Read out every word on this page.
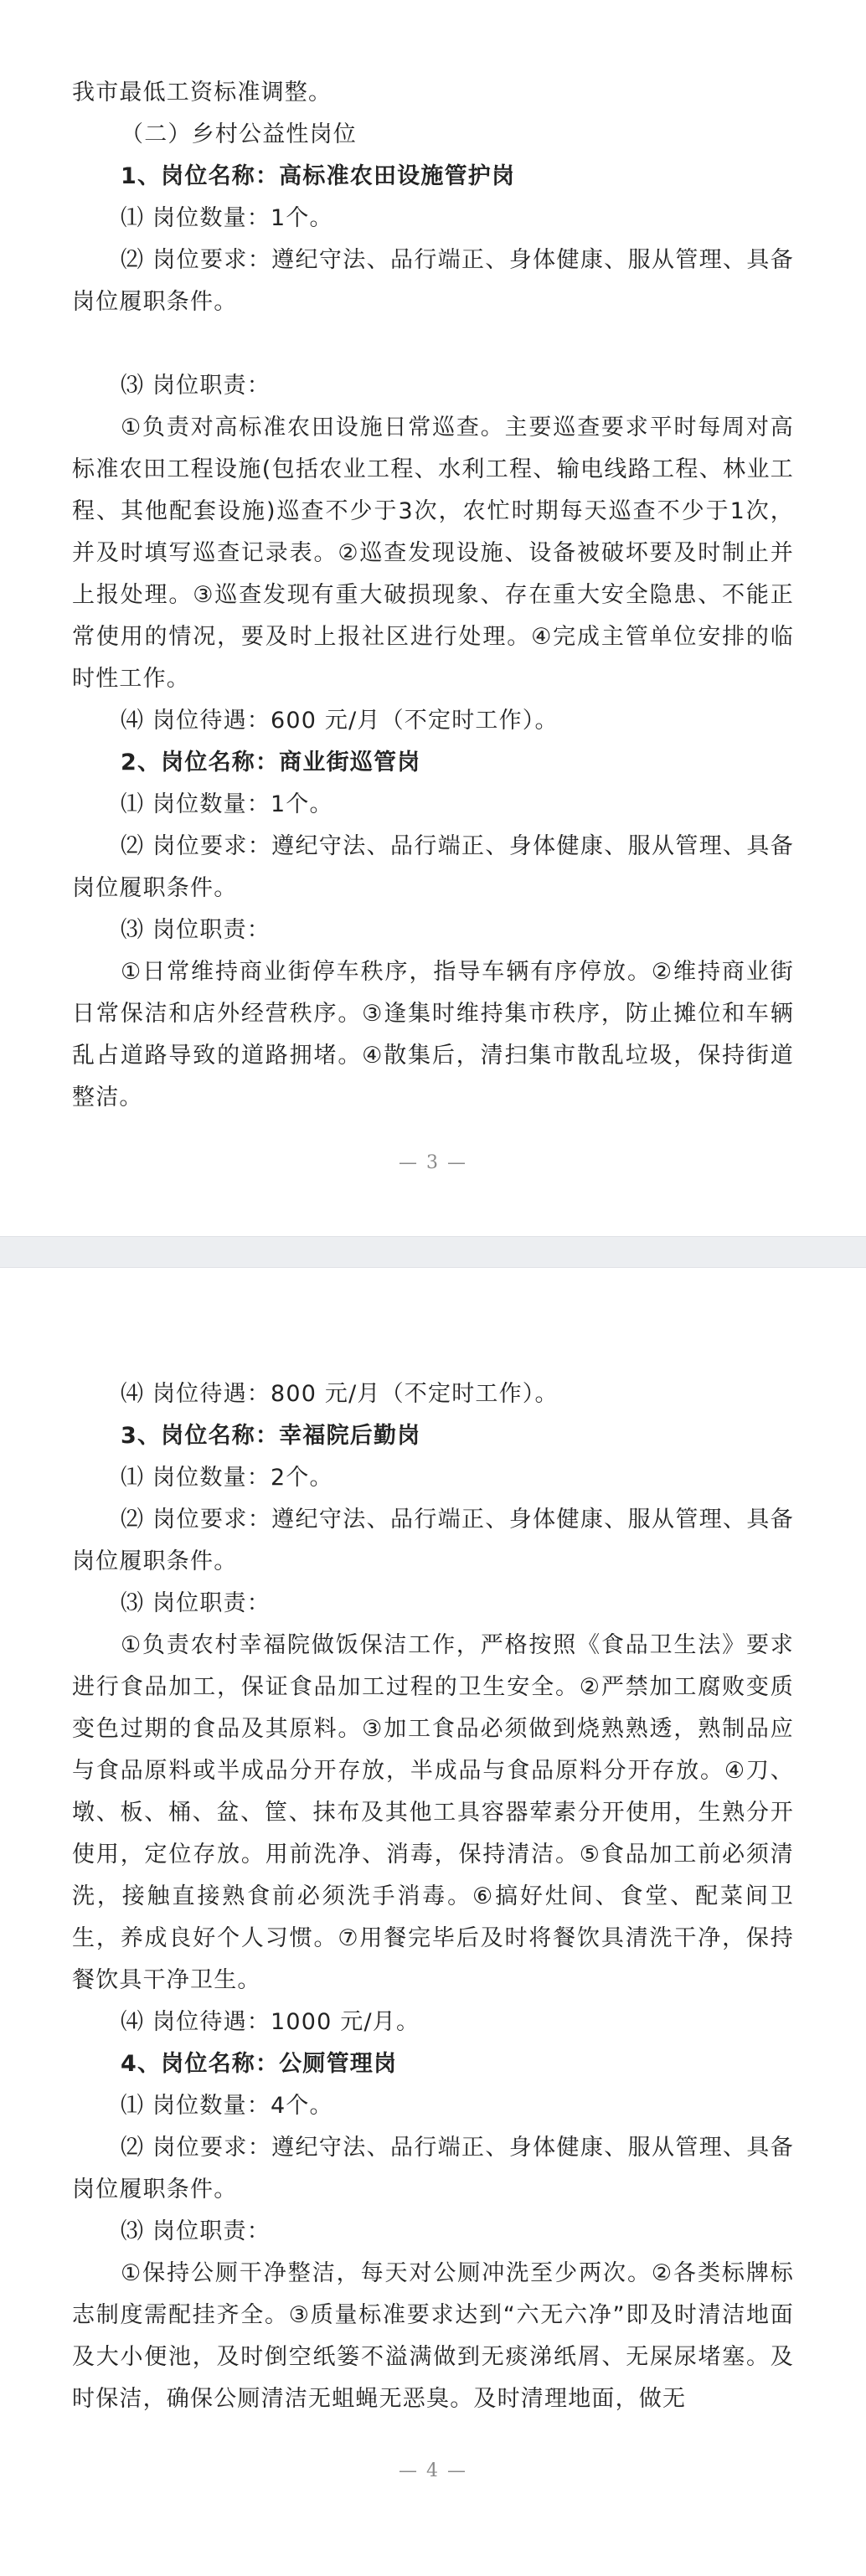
我市最低工资标准调整。

（二）乡村公益性岗位

1、岗位名称：高标准农田设施管护岗

⑴ 岗位数量：1个。

⑵ 岗位要求：遵纪守法、品行端正、身体健康、服从管理、具备岗位履职条件。

⑶ 岗位职责：

①负责对高标准农田设施日常巡查。主要巡查要求平时每周对高标准农田工程设施(包括农业工程、水利工程、输电线路工程、林业工程、其他配套设施)巡查不少于3次，农忙时期每天巡查不少于1次，并及时填写巡查记录表。②巡查发现设施、设备被破坏要及时制止并上报处理。③巡查发现有重大破损现象、存在重大安全隐患、不能正常使用的情况，要及时上报社区进行处理。④完成主管单位安排的临时性工作。

⑷ 岗位待遇：600 元/月（不定时工作）。

2、岗位名称：商业街巡管岗

⑴ 岗位数量：1个。

⑵ 岗位要求：遵纪守法、品行端正、身体健康、服从管理、具备岗位履职条件。

⑶ 岗位职责：

①日常维持商业街停车秩序，指导车辆有序停放。②维持商业街日常保洁和店外经营秩序。③逢集时维持集市秩序，防止摊位和车辆乱占道路导致的道路拥堵。④散集后，清扫集市散乱垃圾，保持街道整洁。

— 3 —

⑷ 岗位待遇：800 元/月（不定时工作）。

3、岗位名称：幸福院后勤岗

⑴ 岗位数量：2个。

⑵ 岗位要求：遵纪守法、品行端正、身体健康、服从管理、具备岗位履职条件。

⑶ 岗位职责：

①负责农村幸福院做饭保洁工作，严格按照《食品卫生法》要求进行食品加工，保证食品加工过程的卫生安全。②严禁加工腐败变质变色过期的食品及其原料。③加工食品必须做到烧熟熟透，熟制品应与食品原料或半成品分开存放，半成品与食品原料分开存放。④刀、墩、板、桶、盆、筐、抹布及其他工具容器荤素分开使用，生熟分开使用，定位存放。用前洗净、消毒，保持清洁。⑤食品加工前必须清洗，接触直接熟食前必须洗手消毒。⑥搞好灶间、食堂、配菜间卫生，养成良好个人习惯。⑦用餐完毕后及时将餐饮具清洗干净，保持餐饮具干净卫生。

⑷ 岗位待遇：1000 元/月。

4、岗位名称：公厕管理岗

⑴ 岗位数量：4个。

⑵ 岗位要求：遵纪守法、品行端正、身体健康、服从管理、具备岗位履职条件。

⑶ 岗位职责：

①保持公厕干净整洁，每天对公厕冲洗至少两次。②各类标牌标志制度需配挂齐全。③质量标准要求达到“六无六净”即及时清洁地面及大小便池，及时倒空纸篓不溢满做到无痰涕纸屑、无屎尿堵塞。及时保洁，确保公厕清洁无蛆蝇无恶臭。及时清理地面，做无

— 4 —
